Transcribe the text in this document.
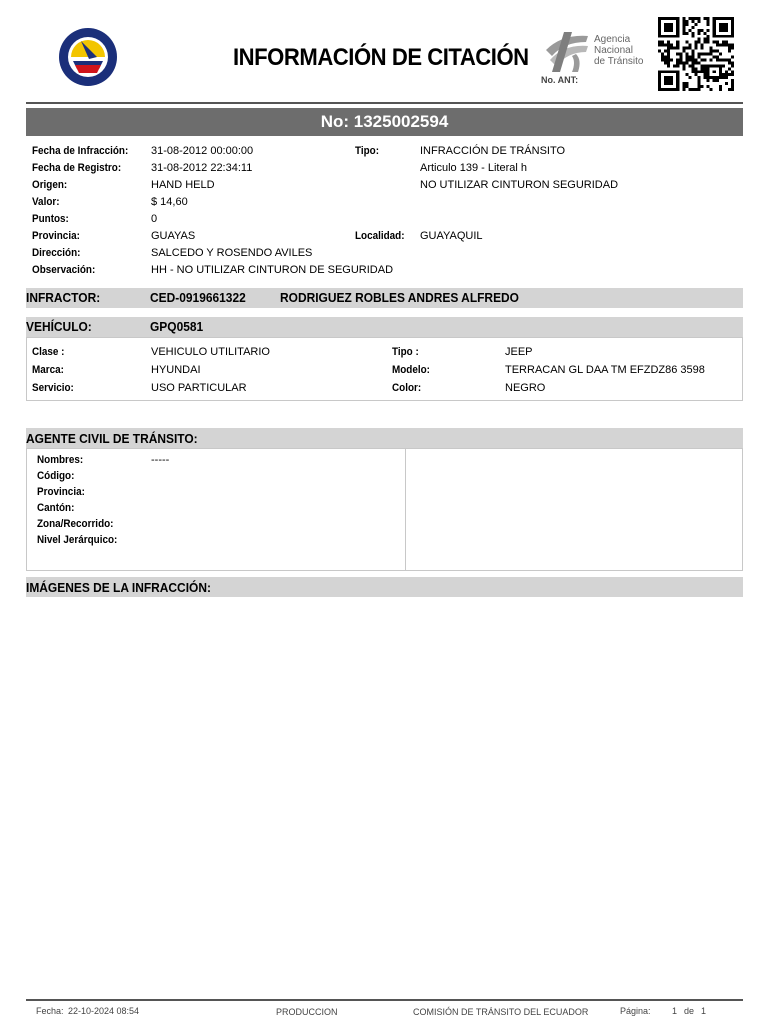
INFORMACIÓN DE CITACIÓN
Agencia
Nacional
de Tránsito
No. ANT:
No: 1325002594
Fecha de Infracción: 31-08-2012 00:00:00
Fecha de Registro:	31-08-2012 22:34:11
Origen:	HAND HELD
Valor:	$ 14,60
Puntos:	0
Provincia:	GUAYAS
Dirección:	SALCEDO Y ROSENDO AVILES
Observación:	HH - NO UTILIZAR CINTURON DE SEGURIDAD
Tipo:	INFRACCIÓN DE TRÁNSITO
Articulo 139 - Literal h
NO UTILIZAR CINTURON SEGURIDAD
Localidad: GUAYAQUIL
INFRACTOR:	CED-0919661322	RODRIGUEZ ROBLES ANDRES ALFREDO
VEHÍCULO:	GPQ0581
Clase :	VEHICULO UTILITARIO
Marca:	HYUNDAI
Servicio:	USO PARTICULAR
Tipo :	JEEP
Modelo:	TERRACAN GL DAA TM EFZDZ86 3598
Color:	NEGRO
AGENTE CIVIL DE TRÁNSITO:
Nombres:	-----
Código:
Provincia:
Cantón:
Zona/Recorrido:
Nivel Jerárquico:
IMÁGENES DE LA INFRACCIÓN:
Fecha: 22-10-2024 08:54	PRODUCCION	COMISIÓN DE TRÁNSITO DEL ECUADOR	Página: 1 de 1
